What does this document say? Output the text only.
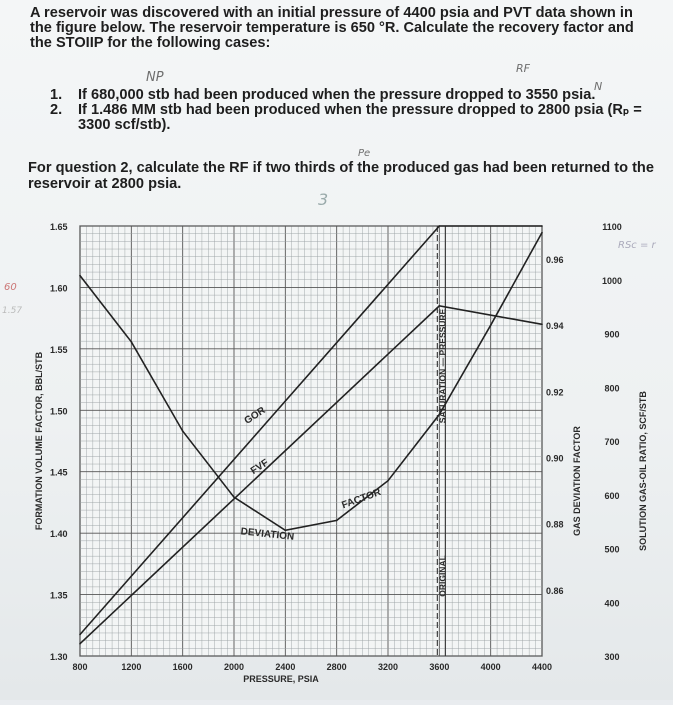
A reservoir was discovered with an initial pressure of 4400 psia and PVT data shown in the figure below. The reservoir temperature is 650 °R. Calculate the recovery factor and the STOIIP for the following cases:
1.	If 680,000 stb had been produced when the pressure dropped to 3550 psia.
2.	If 1.486 MM stb had been produced when the pressure dropped to 2800 psia (Rₚ = 3300 scf/stb).
For question 2, calculate the RF if two thirds of the produced gas had been returned to the reservoir at 2800 psia.
NP
RF
N
Pe
3
RSc = r
60
1.57
800	1200	1600	2000	2400	2800	3200	3600	4000	4400
PRESSURE, PSIA
1.30
1.35
1.40
1.45
1.50
1.55
1.60
1.65
FORMATION VOLUME FACTOR, BBL/STB
0.86
0.88
0.90
0.92
0.94
0.96
GAS DEVIATION FACTOR
300
400
500
600
700
800
900
1000
1100
SOLUTION GAS-OIL RATIO, SCF/STB
SATURATION — PRESSURE
ORIGINAL
GOR
FVF
DEVIATION
FACTOR
